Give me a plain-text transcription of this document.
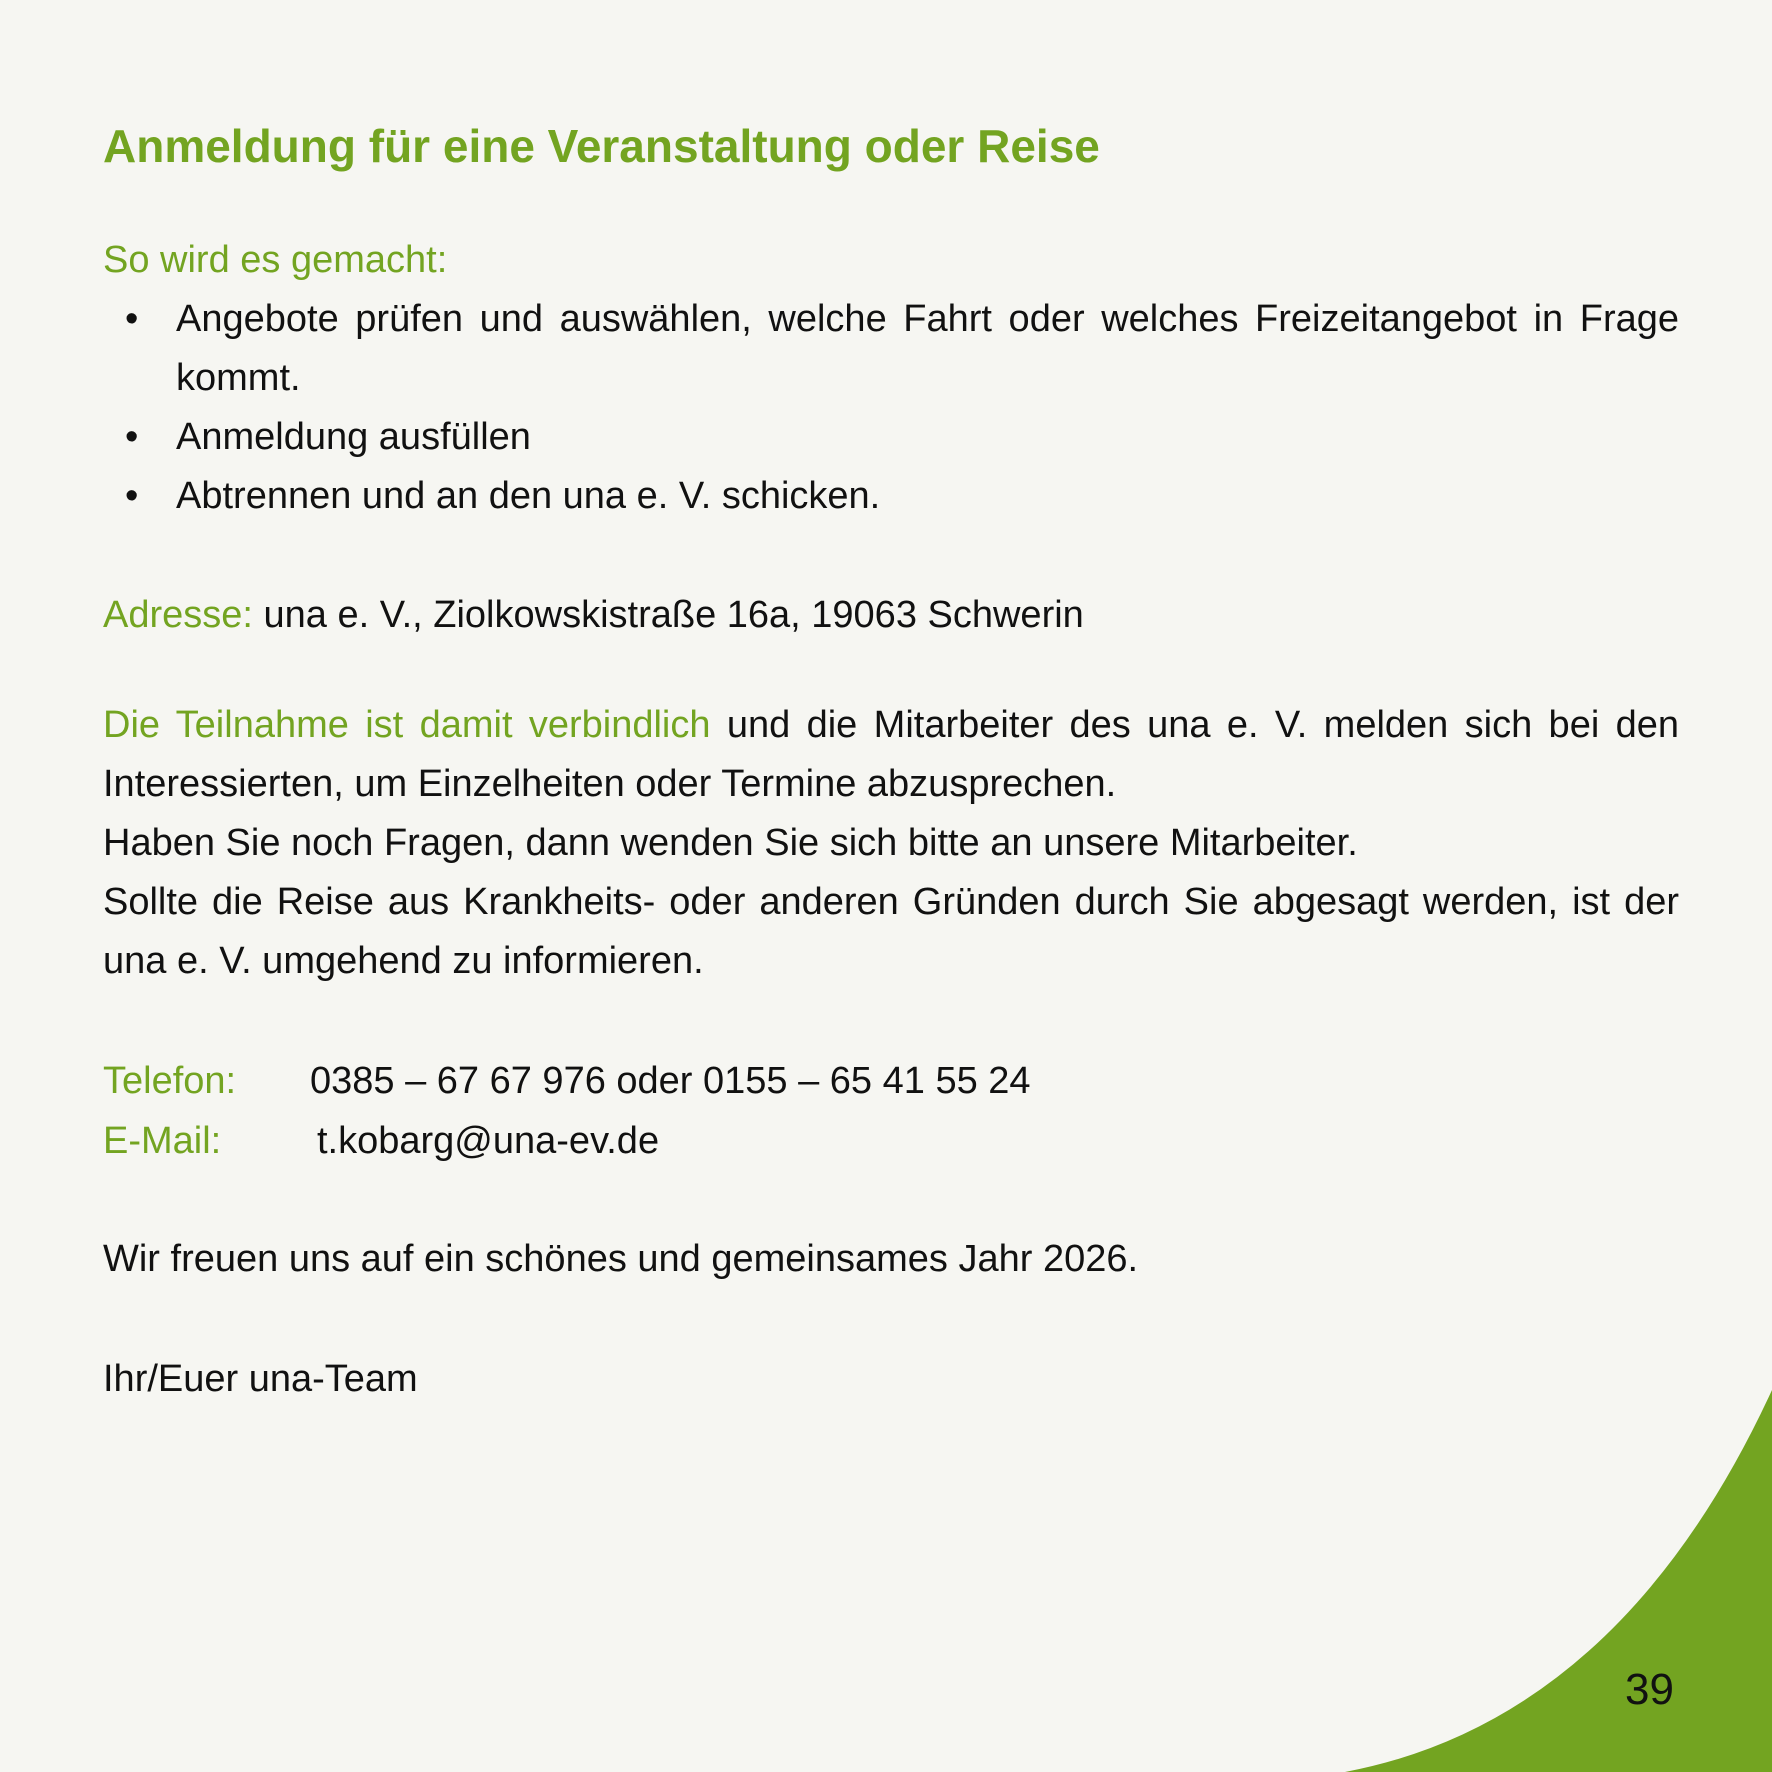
Anmeldung für eine Veranstaltung oder Reise
So wird es gemacht:
• Angebote prüfen und auswählen, welche Fahrt oder welches Freizeitangebot in Frage kommt.
• Anmeldung ausfüllen
• Abtrennen und an den una e. V. schicken.
Adresse: una e. V., Ziolkowskistraße 16a, 19063 Schwerin
Die Teilnahme ist damit verbindlich und die Mitarbeiter des una e. V. melden sich bei den Interessierten, um Einzelheiten oder Termine abzusprechen.
Haben Sie noch Fragen, dann wenden Sie sich bitte an unsere Mitarbeiter.
Sollte die Reise aus Krankheits- oder anderen Gründen durch Sie abgesagt werden, ist der una e. V. umgehend zu informieren.
Telefon: 0385 – 67 67 976 oder 0155 – 65 41 55 24
E-Mail:	t.kobarg@una-ev.de
Wir freuen uns auf ein schönes und gemeinsames Jahr 2026.
Ihr/Euer una-Team
39
